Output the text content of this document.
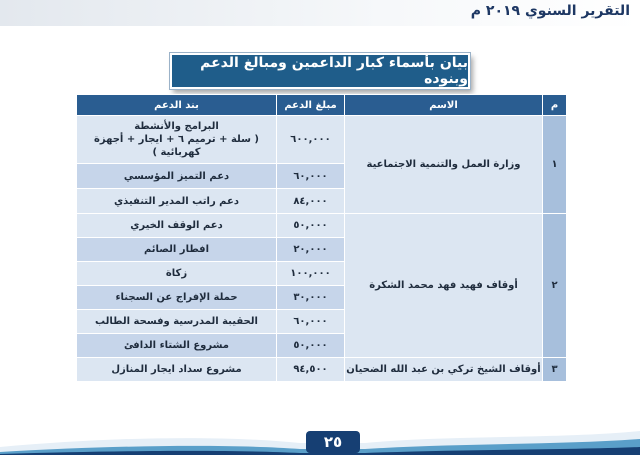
التقرير السنوي ٢٠١٩ م
بيان بأسماء كبار الداعمين ومبالغ الدعم وبنوده
م	الاسم	مبلغ الدعم	بند الدعم
١	وزارة العمل والتنمية الاجتماعية	٦٠٠,٠٠٠	البرامج والأنشطة
( سلة + ترميم ٦ + ايجار + أجهزة كهربائية )

		٦٠,٠٠٠	دعم التميز المؤسسي
		٨٤,٠٠٠	دعم راتب المدير التنفيذي
٢	أوقاف فهيد فهد محمد الشكرة	٥٠,٠٠٠	دعم الوقف الخيري
		٢٠,٠٠٠	افطار الصائم
		١٠٠,٠٠٠	زكاة
		٣٠,٠٠٠	حملة الإفراج عن السجناء
		٦٠,٠٠٠	الحقيبة المدرسية وفسحة الطالب
		٥٠,٠٠٠	مشروع الشتاء الدافئ
٣	أوقاف الشيخ تركي بن عبد الله الضحيان	٩٤,٥٠٠	مشروع سداد ايجار المنازل
٢٥
